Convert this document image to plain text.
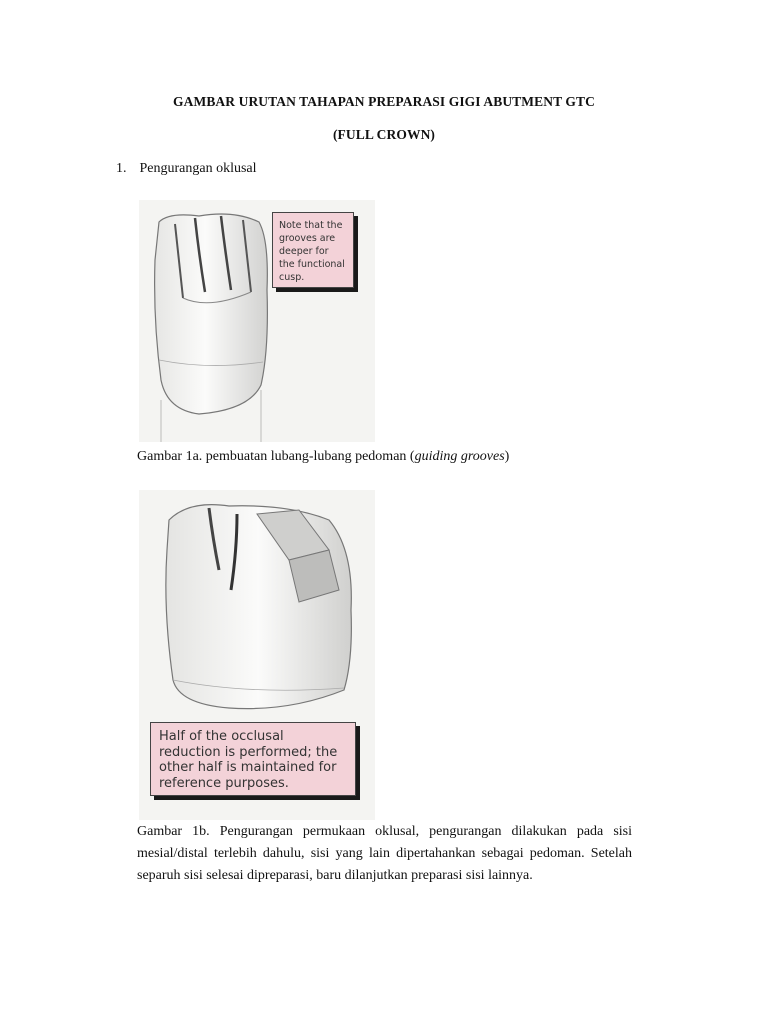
GAMBAR URUTAN TAHAPAN PREPARASI GIGI ABUTMENT GTC
(FULL CROWN)
1. Pengurangan oklusal
Note that the grooves are deeper for the functional cusp.
Gambar 1a. pembuatan lubang-lubang pedoman (guiding grooves)
Half of the occlusal reduction is performed; the other half is maintained for reference purposes.
Gambar 1b. Pengurangan permukaan oklusal, pengurangan dilakukan pada sisi mesial/distal terlebih dahulu, sisi yang lain dipertahankan sebagai pedoman. Setelah separuh sisi selesai dipreparasi, baru dilanjutkan preparasi sisi lainnya.
